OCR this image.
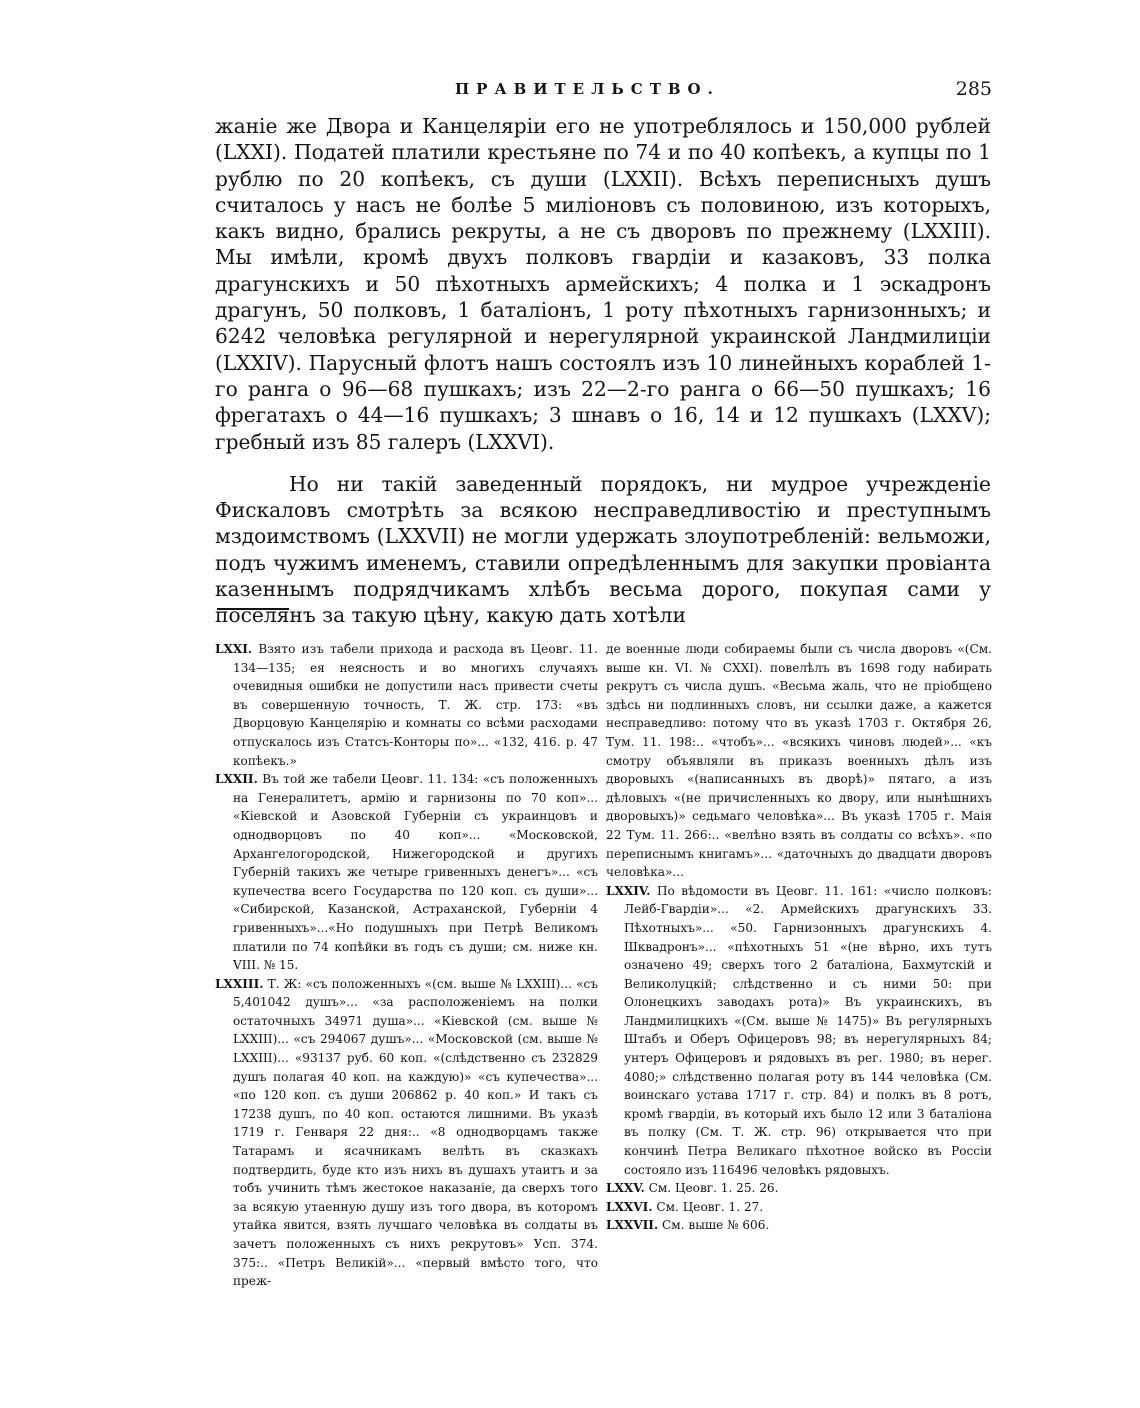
ПРАВИТЕЛЬСТВО.	285

жаніе же Двора и Канцеляріи его не употреблялось и 150,000 рублей (LXXI). Податей платили крестьяне по 74 и по 40 копѣекъ, а купцы по 1 рублю по 20 копѣекъ, съ души (LXXII). Всѣхъ переписныхъ душъ считалось у насъ не болѣе 5 миліоновъ съ половиною, изъ которыхъ, какъ видно, брались рекруты, а не съ дворовъ по прежнему (LXXIII). Мы имѣли, кромѣ двухъ полковъ гвардіи и казаковъ, 33 полка драгунскихъ и 50 пѣхотныхъ армейскихъ; 4 полка и 1 эскадронъ драгунъ, 50 полковъ, 1 баталіонъ, 1 роту пѣхотныхъ гарнизонныхъ; и 6242 человѣка регулярной и нерегулярной украинской Ландмилиціи (LXXIV). Парусный флотъ нашъ состоялъ изъ 10 линейныхъ кораблей 1-го ранга о 96—68 пушкахъ; изъ 22—2-го ранга о 66—50 пушкахъ; 16 фрегатахъ о 44—16 пушкахъ; 3 шнавъ о 16, 14 и 12 пушкахъ (LXXV); гребный изъ 85 галеръ (LXXVI).

Но ни такій заведенный порядокъ, ни мудрое учрежденіе Фискаловъ смотрѣть за всякою несправедливостію и преступнымъ мздоимствомъ (LXXVII) не могли удержать злоупотребленій: вельможи, подъ чужимъ именемъ, ставили опредѣленнымъ для закупки провіанта казеннымъ подрядчикамъ хлѣбъ весьма дорого, покупая сами у поселянъ за такую цѣну, какую дать хотѣли

LXXI. Взято изъ табели прихода и расхода въ Цеовг. 11. 134—135; ея неясность и во многихъ случаяхъ очевидныя ошибки не допустили насъ привести счеты въ совершенную точность, Т. Ж. стр. 173: «въ Дворцовую Канцелярію и комнаты со всѣми расходами отпускалось изъ Статсъ-Конторы по»... «132, 416. р. 47 копѣекъ.»

LXXII. Въ той же табели Цеовг. 11. 134: «съ положенныхъ на Генералитетъ, армію и гарнизоны по 70 коп»... «Кіевской и Азовской Губерніи съ украинцовъ и однодворцовъ по 40 коп»... «Московской, Архангелогородской, Нижегородской и другихъ Губерній такихъ же четыре гривенныхъ денегъ»... «съ купечества всего Государства по 120 коп. съ души»... «Сибирской, Казанской, Астраханской, Губерніи 4 гривенныхъ»...«Но подушныхъ при Петрѣ Великомъ платили по 74 копѣйки въ годъ съ души; см. ниже кн. VIII. № 15.

LXXIII. Т. Ж: «съ положенныхъ «(см. выше № LXXIII)... «съ 5,401042 душъ»... «за расположеніемъ на полки остаточныхъ 34971 душа»... «Кіевской (см. выше № LXXIII)... «съ 294067 душъ»... «Московской (см. выше № LXXIII)... «93137 руб. 60 коп. «(слѣдственно съ 232829 душъ полагая 40 коп. на каждую)» «съ купечества»... «по 120 коп. съ души 206862 р. 40 коп.» И такъ съ 17238 душъ, по 40 коп. остаются лишними. Въ указѣ 1719 г. Генваря 22 дня:.. «8 однодворцамъ также Татарамъ и ясачникамъ велѣть въ сказкахъ подтвердить, буде кто изъ нихъ въ душахъ утаитъ и за тобъ учинить тѣмъ жестокое наказаніе, да сверхъ того за всякую утаенную душу изъ того двора, въ которомъ утайка явится, взять лучшаго человѣка въ солдаты въ зачетъ положенныхъ съ нихъ рекрутовъ» Усп. 374. 375:.. «Петръ Великій»... «первый вмѣсто того, что преж-

де военные люди собираемы были съ числа дворовъ «(См. выше кн. VI. № CXXI). повелѣлъ въ 1698 году набирать рекрутъ съ числа душъ. «Весьма жаль, что не пріобщено здѣсь ни подлинныхъ словъ, ни ссылки даже, а кажется несправедливо: потому что въ указѣ 1703 г. Октября 26, Тум. 11. 198:.. «чтобъ»... «всякихъ чиновъ людей»... «къ смотру объявляли въ приказъ военныхъ дѣлъ изъ дворовыхъ «(написанныхъ въ дворѣ)» пятаго, а изъ дѣловыхъ «(не причисленныхъ ко двору, или нынѣшнихъ дворовыхъ)» седьмаго человѣка»... Въ указѣ 1705 г. Маія 22 Тум. 11. 266:.. «велѣно взять въ солдаты со всѣхъ». «по переписнымъ книгамъ»... «даточныхъ до двадцати дворовъ человѣка»...

LXXIV. По вѣдомости въ Цеовг. 11. 161: «число полковъ: Лейб-Гвардіи»... «2. Армейскихъ драгунскихъ 33. Пѣхотныхъ»... «50. Гарнизонныхъ драгунскихъ 4. Шквадронъ»... «пѣхотныхъ 51 «(не вѣрно, ихъ тутъ означено 49; сверхъ того 2 баталіона, Бахмутскій и Великолуцкій; слѣдственно и съ ними 50: при Олонецкихъ заводахъ рота)» Въ украинскихъ, въ Ландмилицкихъ «(См. выше № 1475)» Въ регулярныхъ Штабъ и Оберъ Офицеровъ 98; въ нерегулярныхъ 84; унтеръ Офицеровъ и рядовыхъ въ рег. 1980; въ нерег. 4080;» слѣдственно полагая роту въ 144 человѣка (См. воинскаго устава 1717 г. стр. 84) и полкъ въ 8 ротъ, кромѣ гвардіи, въ который ихъ было 12 или 3 баталіона въ полку (См. Т. Ж. стр. 96) открывается что при кончинѣ Петра Великаго пѣхотное войско въ Россіи состояло изъ 116496 человѣкъ рядовыхъ.

LXXV. См. Цеовг. 1. 25. 26.

LXXVI. См. Цеовг. 1. 27.

LXXVII. См. выше № 606.
